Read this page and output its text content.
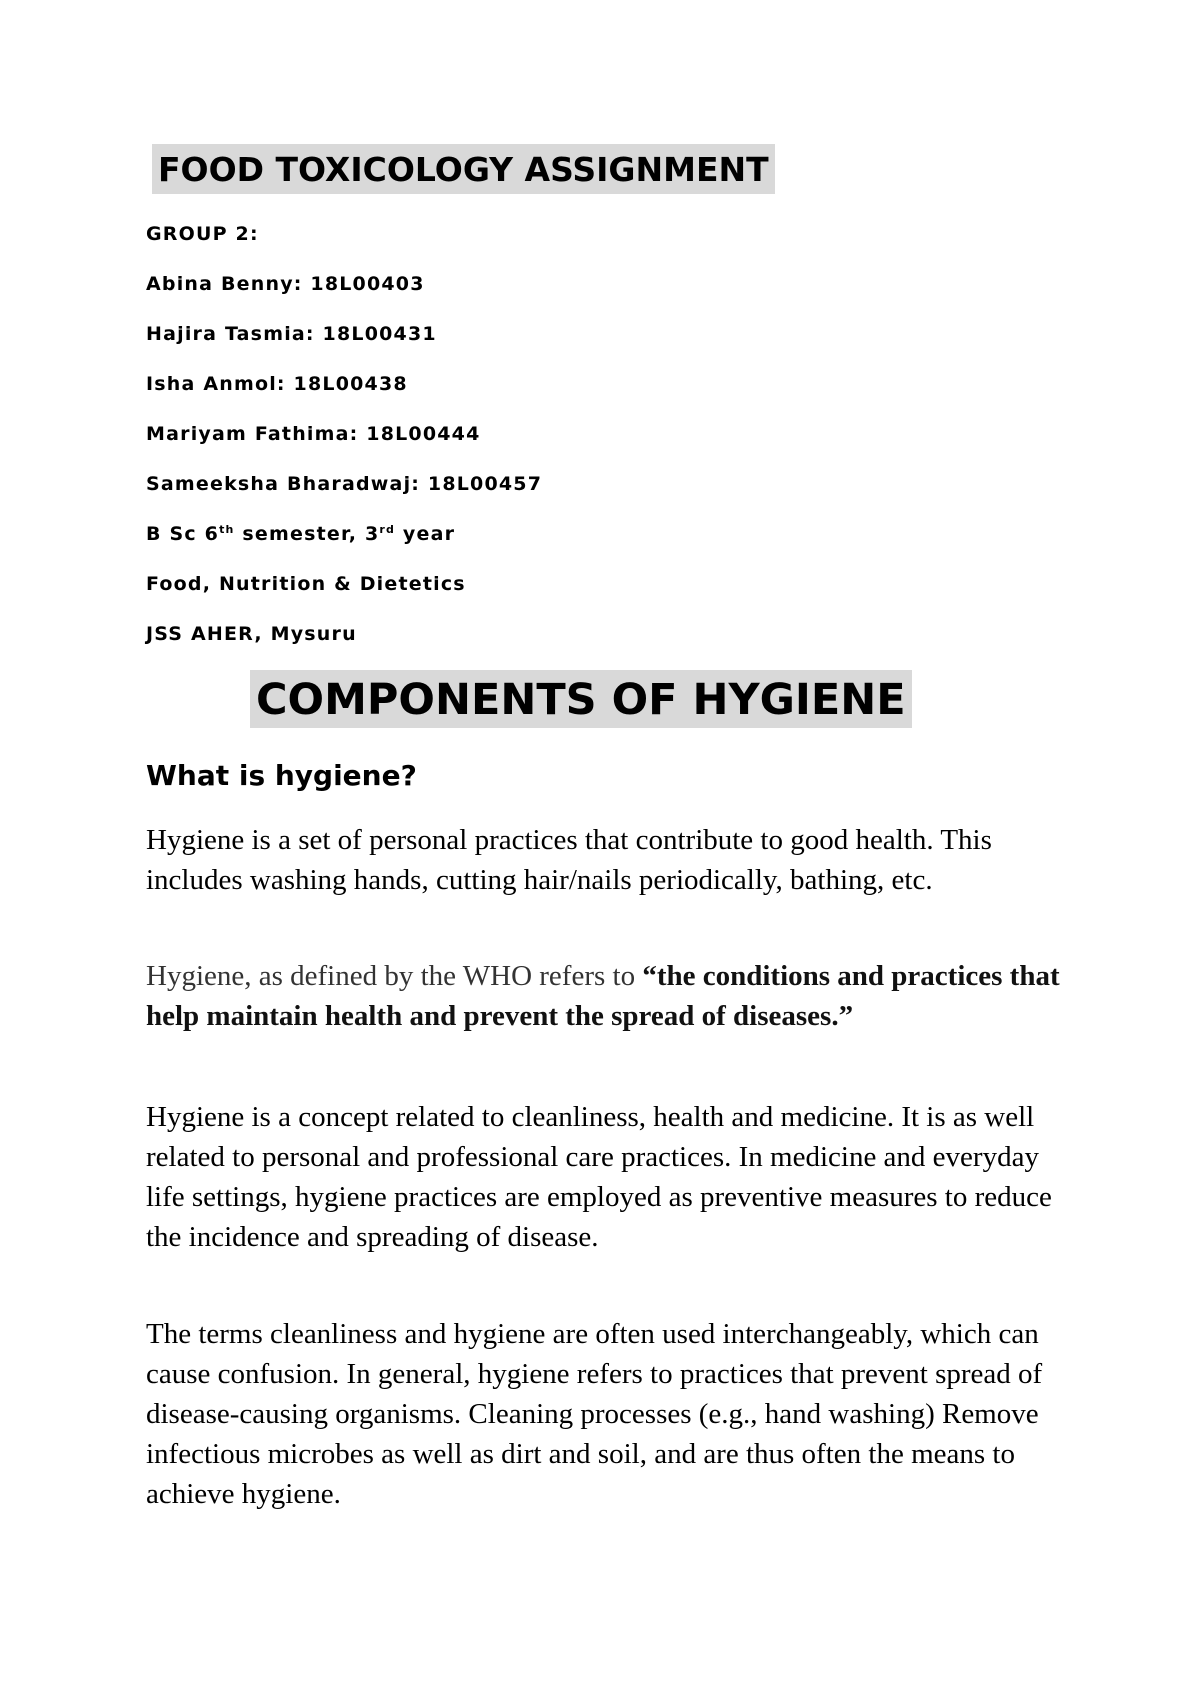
FOOD TOXICOLOGY ASSIGNMENT
GROUP 2:
Abina Benny: 18L00403
Hajira Tasmia: 18L00431
Isha Anmol: 18L00438
Mariyam Fathima: 18L00444
Sameeksha Bharadwaj: 18L00457
B Sc 6th semester, 3rd year
Food, Nutrition & Dietetics
JSS AHER, Mysuru
COMPONENTS OF HYGIENE
What is hygiene?
Hygiene is a set of personal practices that contribute to good health. This includes washing hands, cutting hair/nails periodically, bathing, etc.
Hygiene, as defined by the WHO refers to “the conditions and practices that help maintain health and prevent the spread of diseases.”
Hygiene is a concept related to cleanliness, health and medicine. It is as well related to personal and professional care practices. In medicine and everyday life settings, hygiene practices are employed as preventive measures to reduce the incidence and spreading of disease.
The terms cleanliness and hygiene are often used interchangeably, which can cause confusion. In general, hygiene refers to practices that prevent spread of disease-causing organisms. Cleaning processes (e.g., hand washing) Remove infectious microbes as well as dirt and soil, and are thus often the means to achieve hygiene.
